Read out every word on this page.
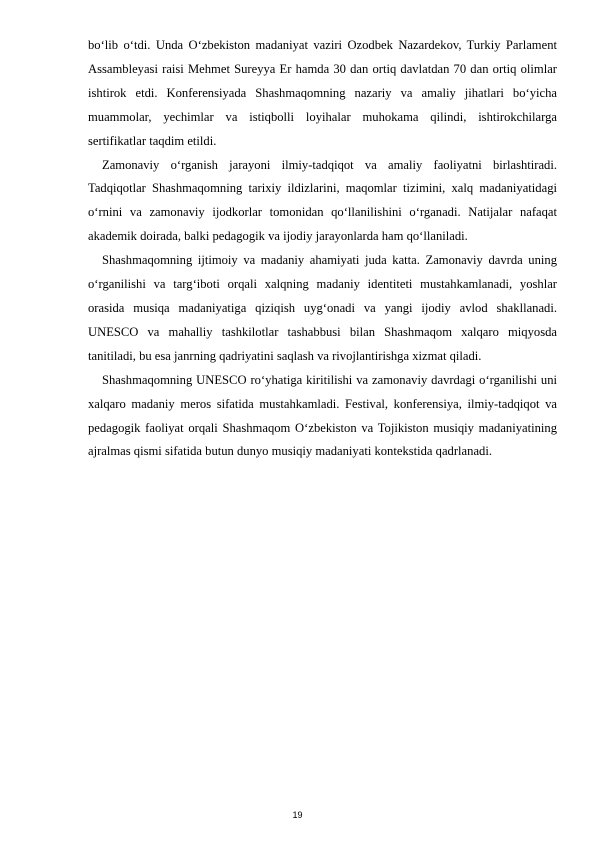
bo‘lib o‘tdi. Unda O‘zbekiston madaniyat vaziri Ozodbek Nazardekov, Turkiy Parlament Assambleyasi raisi Mehmet Sureyya Er hamda 30 dan ortiq davlatdan 70 dan ortiq olimlar ishtirok etdi. Konferensiyada Shashmaqomning nazariy va amaliy jihatlari bo‘yicha muammolar, yechimlar va istiqbolli loyihalar muhokama qilindi, ishtirokchilarga sertifikatlar taqdim etildi.

Zamonaviy o‘rganish jarayoni ilmiy-tadqiqot va amaliy faoliyatni birlashtiradi. Tadqiqotlar Shashmaqomning tarixiy ildizlarini, maqomlar tizimini, xalq madaniyatidagi o‘rnini va zamonaviy ijodkorlar tomonidan qo‘llanilishini o‘rganadi. Natijalar nafaqat akademik doirada, balki pedagogik va ijodiy jarayonlarda ham qo‘llaniladi.

Shashmaqomning ijtimoiy va madaniy ahamiyati juda katta. Zamonaviy davrda uning o‘rganilishi va targ‘iboti orqali xalqning madaniy identiteti mustahkamlanadi, yoshlar orasida musiqa madaniyatiga qiziqish uyg‘onadi va yangi ijodiy avlod shakllanadi. UNESCO va mahalliy tashkilotlar tashabbusi bilan Shashmaqom xalqaro miqyosda tanitiladi, bu esa janrning qadriyatini saqlash va rivojlantirishga xizmat qiladi.

Shashmaqomning UNESCO ro‘yhatiga kiritilishi va zamonaviy davrdagi o‘rganilishi uni xalqaro madaniy meros sifatida mustahkamladi. Festival, konferensiya, ilmiy-tadqiqot va pedagogik faoliyat orqali Shashmaqom O‘zbekiston va Tojikiston musiqiy madaniyatining ajralmas qismi sifatida butun dunyo musiqiy madaniyati kontekstida qadrlanadi.

19
